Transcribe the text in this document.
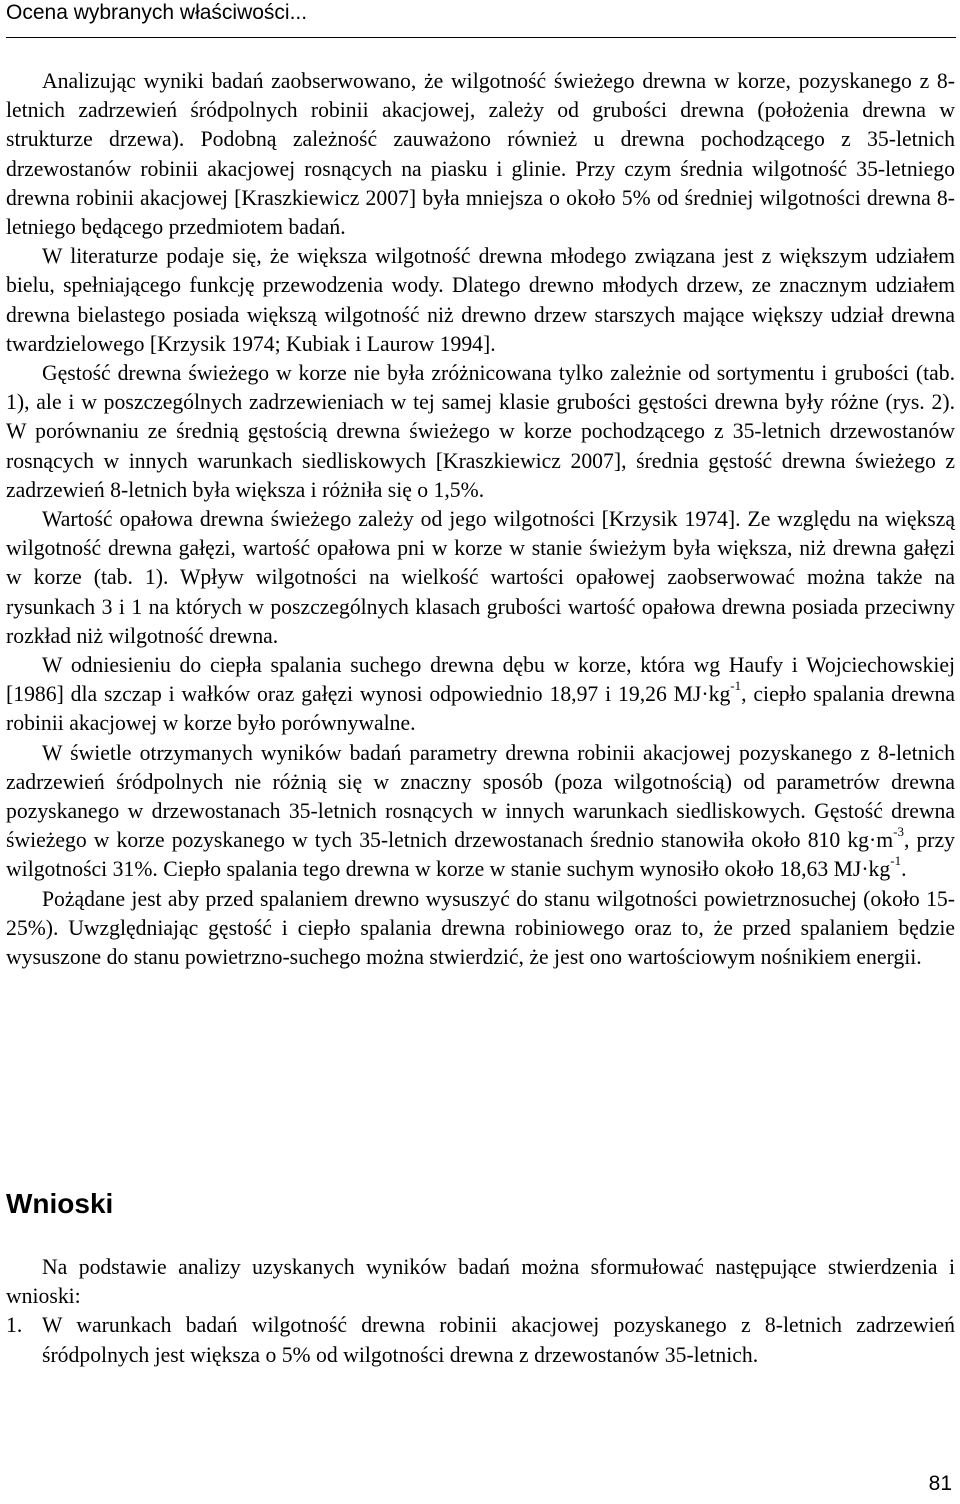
Ocena wybranych właściwości...

Analizując wyniki badań zaobserwowano, że wilgotność świeżego drewna w korze, pozyskanego z 8-letnich zadrzewień śródpolnych robinii akacjowej, zależy od grubości drewna (położenia drewna w strukturze drzewa). Podobną zależność zauważono również u drewna pochodzącego z 35-letnich drzewostanów robinii akacjowej rosnących na piasku i glinie. Przy czym średnia wilgotność 35-letniego drewna robinii akacjowej [Kraszkiewicz 2007] była mniejsza o około 5% od średniej wilgotności drewna 8-letniego będącego przedmiotem badań.

W literaturze podaje się, że większa wilgotność drewna młodego związana jest z większym udziałem bielu, spełniającego funkcję przewodzenia wody. Dlatego drewno młodych drzew, ze znacznym udziałem drewna bielastego posiada większą wilgotność niż drewno drzew starszych mające większy udział drewna twardzielowego [Krzysik 1974; Kubiak i Laurow 1994].

Gęstość drewna świeżego w korze nie była zróżnicowana tylko zależnie od sortymentu i grubości (tab. 1), ale i w poszczególnych zadrzewieniach w tej samej klasie grubości gęstości drewna były różne (rys. 2). W porównaniu ze średnią gęstością drewna świeżego w korze pochodzącego z 35-letnich drzewostanów rosnących w innych warunkach siedliskowych [Kraszkiewicz 2007], średnia gęstość drewna świeżego z zadrzewień 8-letnich była większa i różniła się o 1,5%.

Wartość opałowa drewna świeżego zależy od jego wilgotności [Krzysik 1974]. Ze względu na większą wilgotność drewna gałęzi, wartość opałowa pni w korze w stanie świeżym była większa, niż drewna gałęzi w korze (tab. 1). Wpływ wilgotności na wielkość wartości opałowej zaobserwować można także na rysunkach 3 i 1 na których w poszczególnych klasach grubości wartość opałowa drewna posiada przeciwny rozkład niż wilgotność drewna.

W odniesieniu do ciepła spalania suchego drewna dębu w korze, która wg Haufy i Wojciechowskiej [1986] dla szczap i wałków oraz gałęzi wynosi odpowiednio 18,97 i 19,26 $MJ\cdot kg^{-1}$, ciepło spalania drewna robinii akacjowej w korze było porównywalne.

W świetle otrzymanych wyników badań parametry drewna robinii akacjowej pozyskanego z 8-letnich zadrzewień śródpolnych nie różnią się w znaczny sposób (poza wilgotnością) od parametrów drewna pozyskanego w drzewostanach 35-letnich rosnących w innych warunkach siedliskowych. Gęstość drewna świeżego w korze pozyskanego w tych 35-letnich drzewostanach średnio stanowiła około 810 $kg\cdot m^{-3}$, przy wilgotności 31%. Ciepło spalania tego drewna w korze w stanie suchym wynosiło około 18,63 $MJ\cdot kg^{-1}$.

Pożądane jest aby przed spalaniem drewno wysuszyć do stanu wilgotności powietrznosuchej (około 15-25%). Uwzględniając gęstość i ciepło spalania drewna robiniowego oraz to, że przed spalaniem będzie wysuszone do stanu powietrzno-suchego można stwierdzić, że jest ono wartościowym nośnikiem energii.

Wnioski

Na podstawie analizy uzyskanych wyników badań można sformułować następujące stwierdzenia i wnioski:

1. W warunkach badań wilgotność drewna robinii akacjowej pozyskanego z 8-letnich zadrzewień śródpolnych jest większa o 5% od wilgotności drewna z drzewostanów 35-letnich.
81
